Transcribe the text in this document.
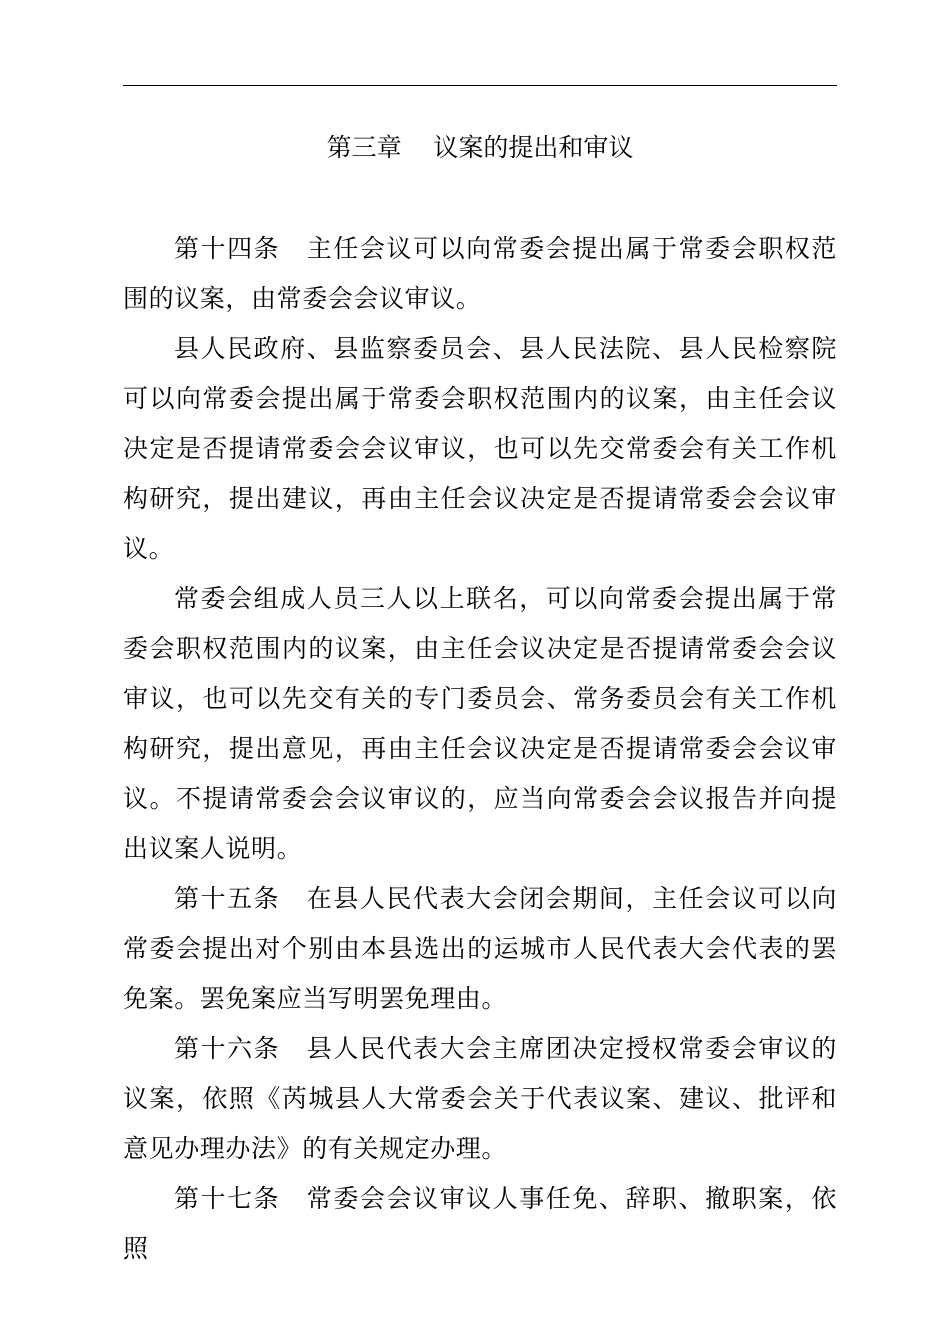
第三章    议案的提出和审议

第十四条　主任会议可以向常委会提出属于常委会职权范围的议案，由常委会会议审议。

县人民政府、县监察委员会、县人民法院、县人民检察院可以向常委会提出属于常委会职权范围内的议案，由主任会议决定是否提请常委会会议审议，也可以先交常委会有关工作机构研究，提出建议，再由主任会议决定是否提请常委会会议审议。

常委会组成人员三人以上联名，可以向常委会提出属于常委会职权范围内的议案，由主任会议决定是否提请常委会会议审议，也可以先交有关的专门委员会、常务委员会有关工作机构研究，提出意见，再由主任会议决定是否提请常委会会议审议。不提请常委会会议审议的，应当向常委会会议报告并向提出议案人说明。

第十五条　在县人民代表大会闭会期间，主任会议可以向常委会提出对个别由本县选出的运城市人民代表大会代表的罢免案。罢免案应当写明罢免理由。

第十六条　县人民代表大会主席团决定授权常委会审议的议案，依照《芮城县人大常委会关于代表议案、建议、批评和意见办理办法》的有关规定办理。

第十七条　常委会会议审议人事任免、辞职、撤职案，依照
